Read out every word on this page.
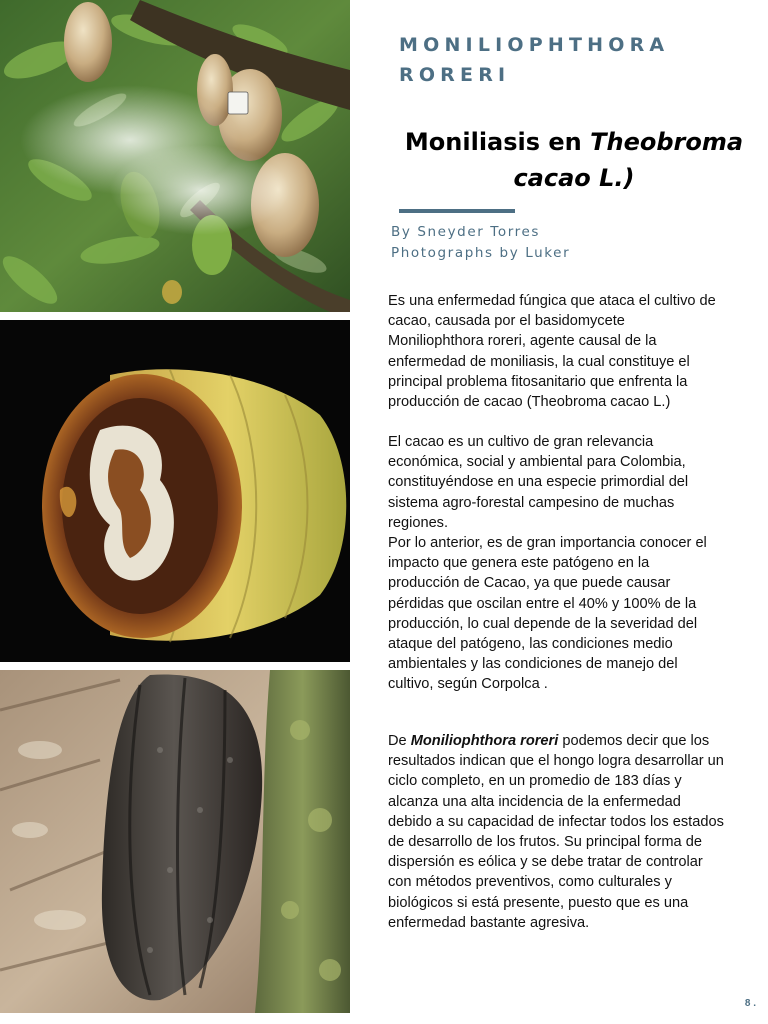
MONILIOPHTHORA
RORERI
Moniliasis en Theobroma cacao L.)

By Sneyder Torres

Photographs by Luker

Es una enfermedad fúngica que ataca el cultivo de cacao, causada por el basidomycete Moniliophthora roreri, agente causal de la enfermedad de moniliasis, la cual constituye el principal problema fitosanitario que enfrenta la producción de cacao (Theobroma cacao L.)

El cacao es un cultivo de gran relevancia económica, social y ambiental para Colombia, constituyéndose en una especie primordial del sistema agro-forestal campesino de muchas regiones.

Por lo anterior, es de gran importancia conocer el impacto que genera este patógeno en la producción de Cacao, ya que puede causar pérdidas que oscilan entre el 40% y 100% de la producción, lo cual depende de la severidad del ataque del patógeno, las condiciones medio ambientales y las condiciones de manejo del cultivo, según Corpolca .

De Moniliophthora roreri podemos decir que los resultados indican que el hongo logra desarrollar un ciclo completo, en un promedio de 183 días y alcanza una alta incidencia de la enfermedad debido a su capacidad de infectar todos los estados de desarrollo de los frutos. Su principal forma de dispersión es eólica y se debe tratar de controlar con métodos preventivos, como culturales y biológicos si está presente, puesto que es una enfermedad bastante agresiva.

8 .
